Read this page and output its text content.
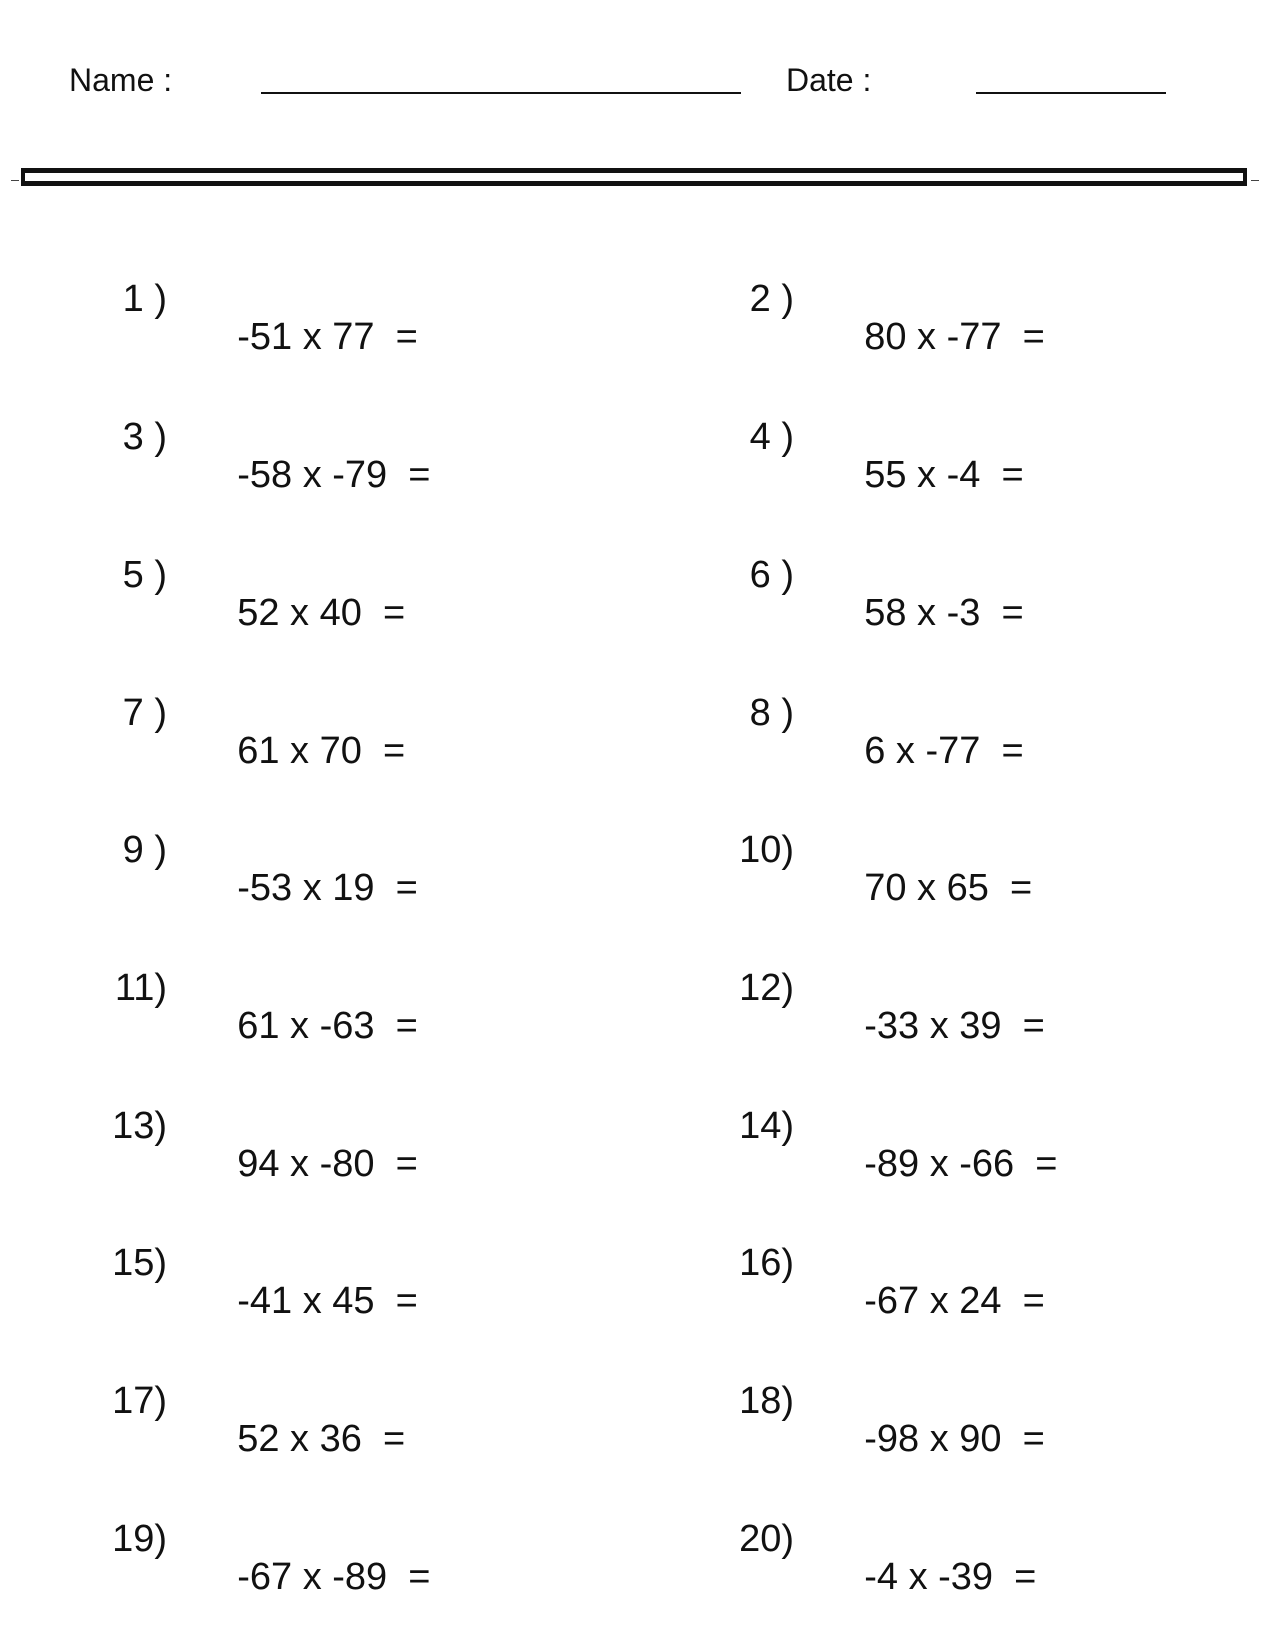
Name :	Date :

1 )

-51 x 77  =

2 )

80 x -77  =

3 )

-58 x -79  =

4 )

55 x -4  =

5 )

52 x 40  =

6 )

58 x -3  =

7 )

61 x 70  =

8 )

6 x -77  =

9 )

-53 x 19  =

10)

70 x 65  =

11)

61 x -63  =

12)

-33 x 39  =

13)

94 x -80  =

14)

-89 x -66  =

15)

-41 x 45  =

16)

-67 x 24  =

17)

52 x 36  =

18)

-98 x 90  =

19)

-67 x -89  =

20)

-4 x -39  =
